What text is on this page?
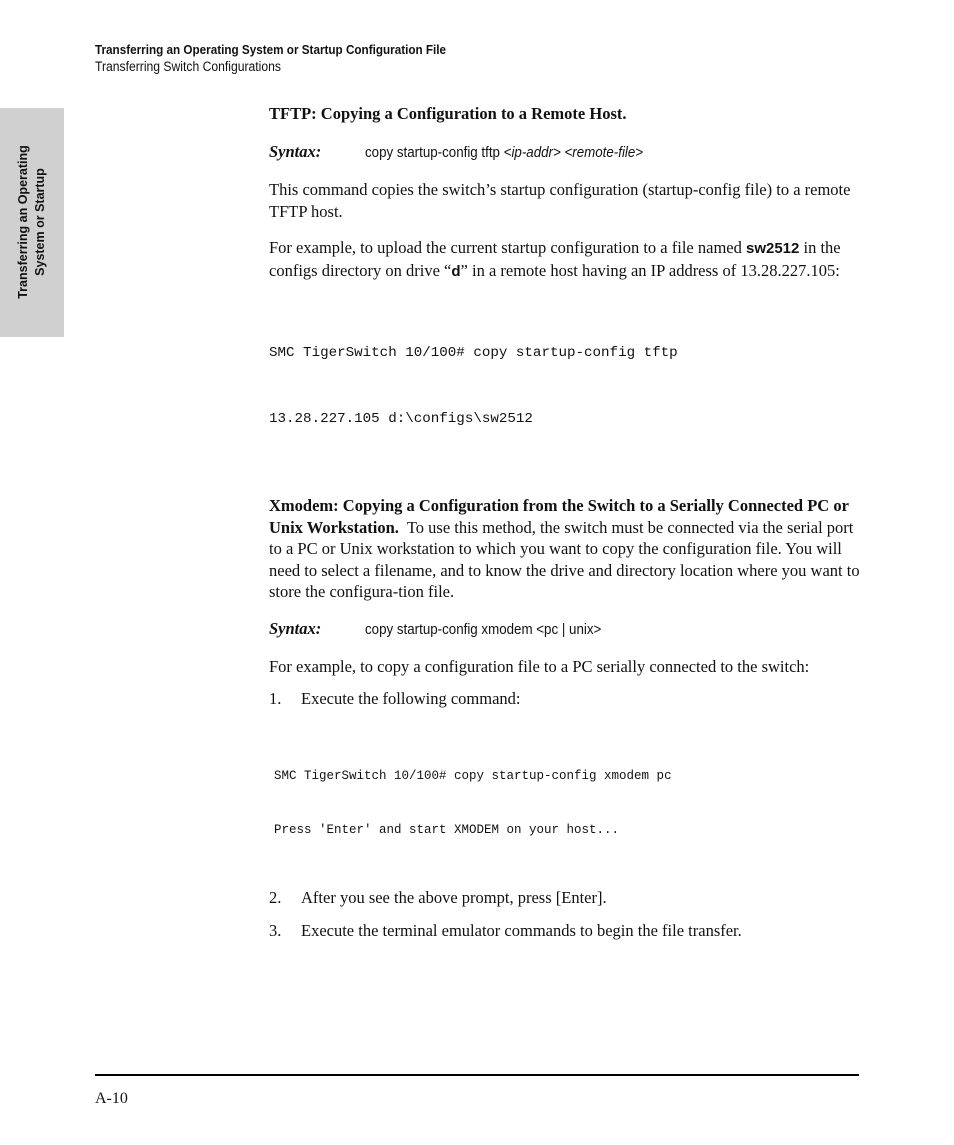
Transferring an Operating System or Startup Configuration File
Transferring Switch Configurations
Transferring an Operating System or Startup

TFTP: Copying a Configuration to a Remote Host.

Syntax:	copy startup-config tftp <ip-addr> <remote-file>

This command copies the switch’s startup configuration (startup-config file) to a remote TFTP host.

For example, to upload the current startup configuration to a file named sw2512 in the configs directory on drive “d” in a remote host having an IP address of 13.28.227.105:

SMC TigerSwitch 10/100# copy startup-config tftp

13.28.227.105 d:\configs\sw2512

Xmodem: Copying a Configuration from the Switch to a Serially Connected PC or Unix Workstation. To use this method, the switch must be connected via the serial port to a PC or Unix workstation to which you want to copy the configuration file. You will need to select a filename, and to know the drive and directory location where you want to store the configura-tion file.

Syntax:	copy startup-config xmodem <pc | unix>

For example, to copy a configuration file to a PC serially connected to the switch:

1.	Execute the following command:

SMC TigerSwitch 10/100# copy startup-config xmodem pc

Press 'Enter' and start XMODEM on your host...

2.	After you see the above prompt, press [Enter].
3.	Execute the terminal emulator commands to begin the file transfer.
A-10
